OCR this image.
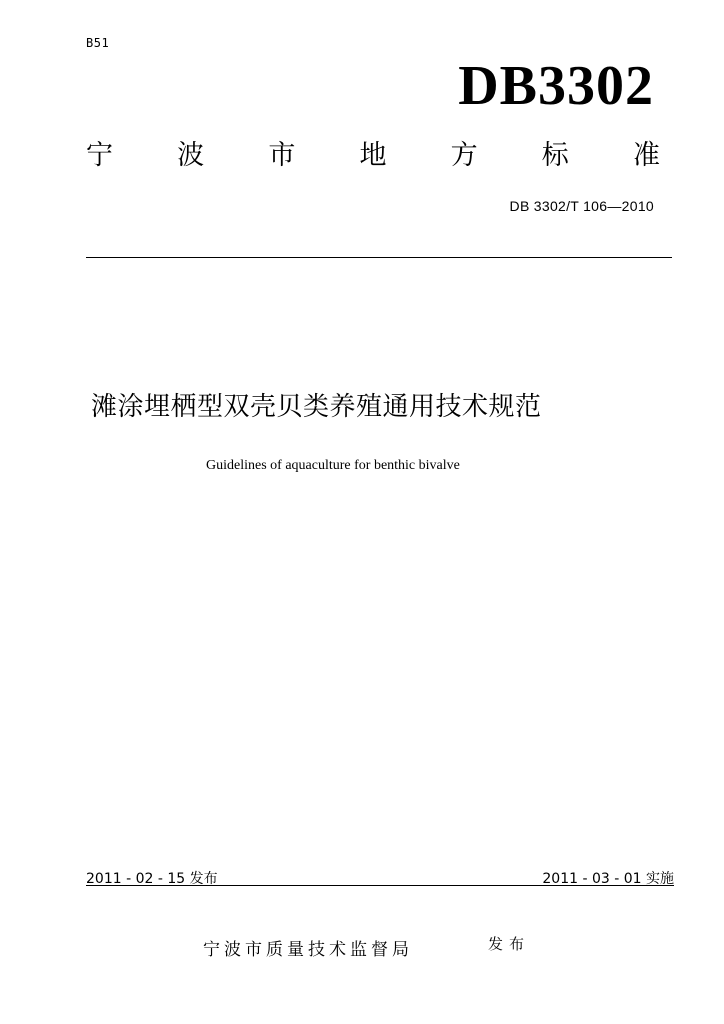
B51
DB3302
宁 波 市 地 方 标 准
DB 3302/T 106—2010
滩涂埋栖型双壳贝类养殖通用技术规范
Guidelines of aquaculture for benthic bivalve
2011 - 02 - 15 发布	2011 - 03 - 01 实施
宁波市质量技术监督局	发布
